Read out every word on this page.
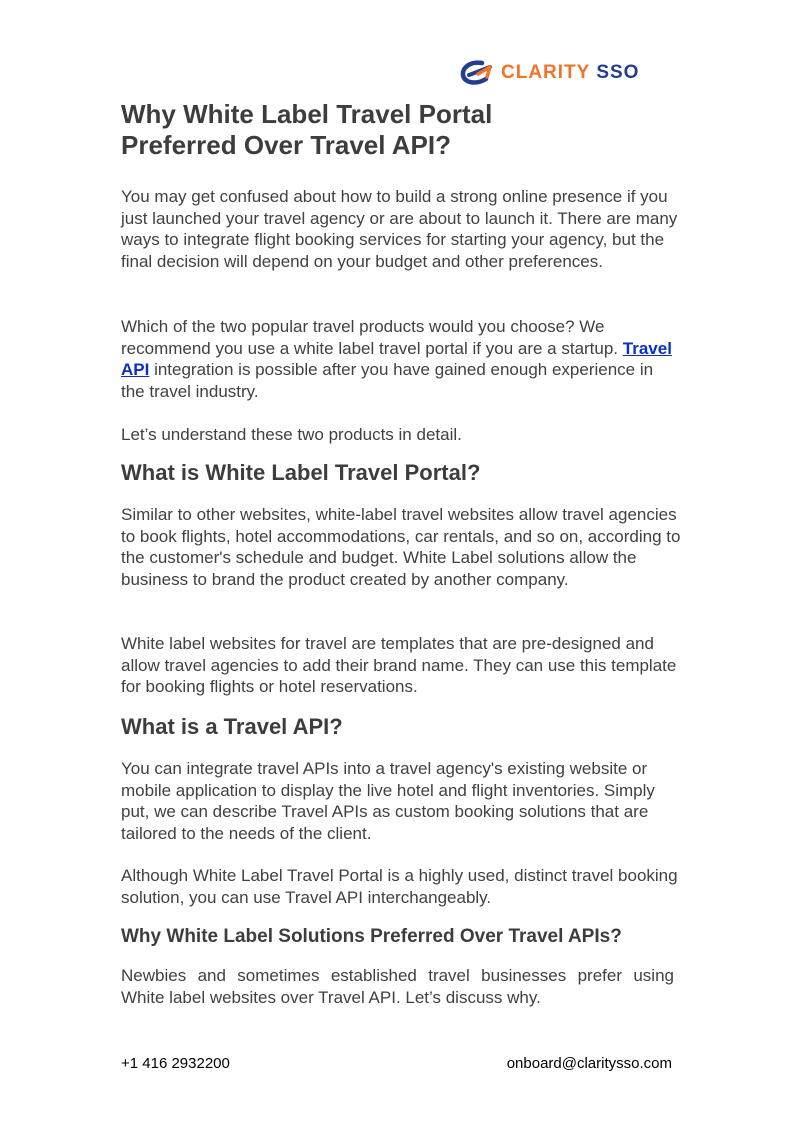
CLARITY SSO
Why White Label Travel Portal
Preferred Over Travel API?

You may get confused about how to build a strong online presence if you just launched your travel agency or are about to launch it. There are many ways to integrate flight booking services for starting your agency, but the final decision will depend on your budget and other preferences.

Which of the two popular travel products would you choose? We recommend you use a white label travel portal if you are a startup. Travel API integration is possible after you have gained enough experience in the travel industry.

Let’s understand these two products in detail.

What is White Label Travel Portal?

Similar to other websites, white-label travel websites allow travel agencies to book flights, hotel accommodations, car rentals, and so on, according to the customer's schedule and budget. White Label solutions allow the business to brand the product created by another company.

White label websites for travel are templates that are pre-designed and allow travel agencies to add their brand name. They can use this template for booking flights or hotel reservations.

What is a Travel API?

You can integrate travel APIs into a travel agency's existing website or mobile application to display the live hotel and flight inventories. Simply put, we can describe Travel APIs as custom booking solutions that are tailored to the needs of the client.

Although White Label Travel Portal is a highly used, distinct travel booking solution, you can use Travel API interchangeably.

Why White Label Solutions Preferred Over Travel APIs?

Newbies and sometimes established travel businesses prefer using White label websites over Travel API. Let’s discuss why.

+1 416 2932200	onboard@claritysso.com
